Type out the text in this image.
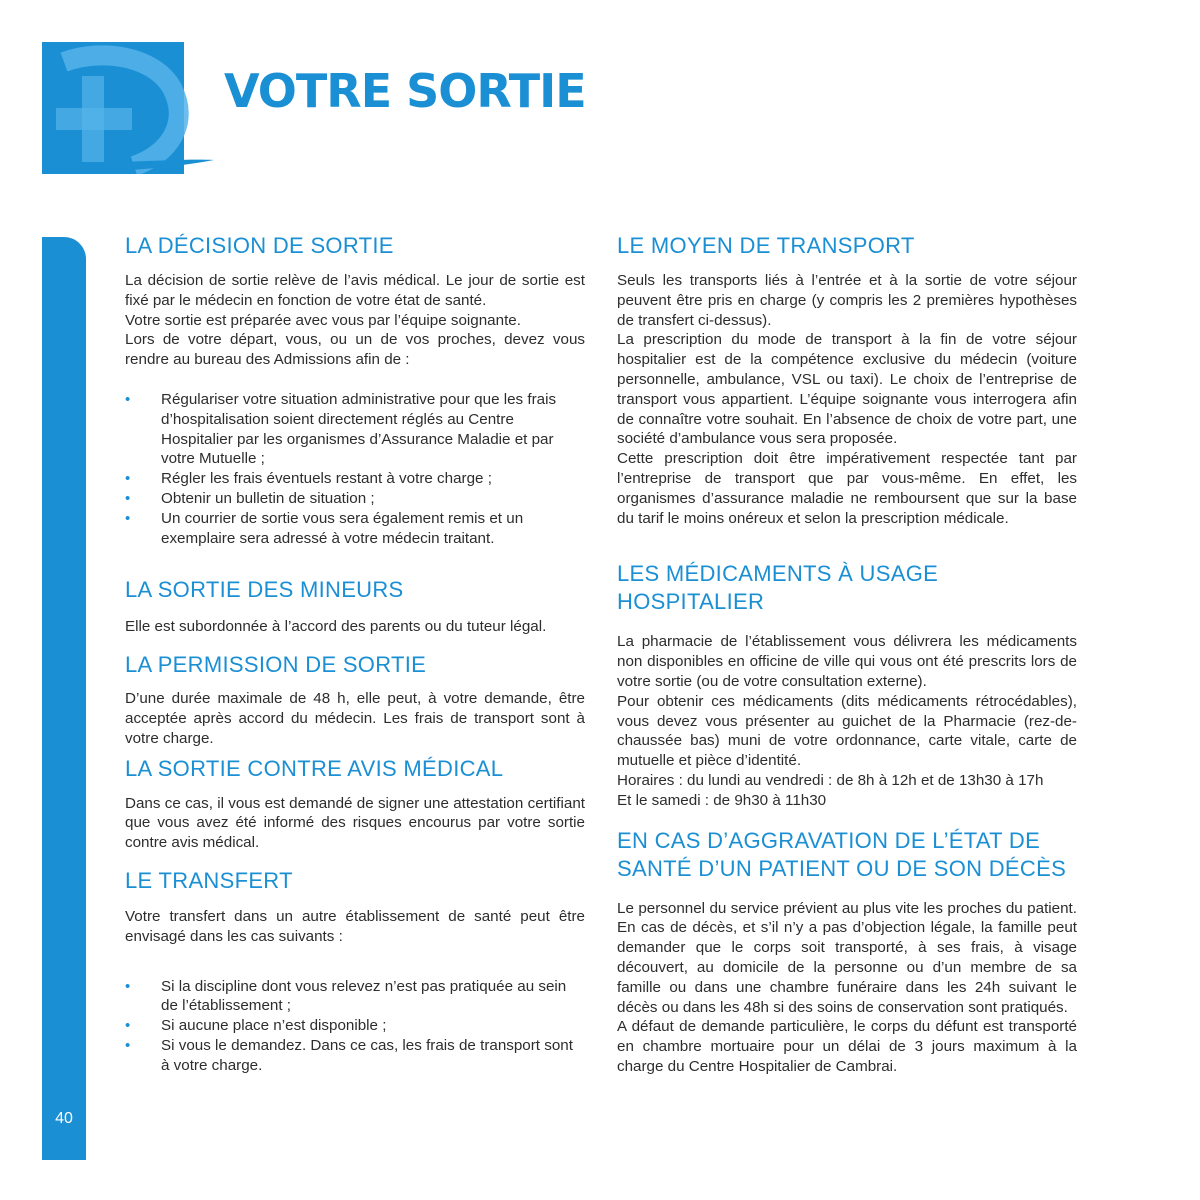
VOTRE SORTIE
40
LA DÉCISION DE SORTIE

La décision de sortie relève de l’avis médical. Le jour de sortie est fixé par le médecin en fonction de votre état de santé.

Votre sortie est préparée avec vous par l’équipe soignante.

Lors de votre départ, vous, ou un de vos proches, devez vous rendre au bureau des Admissions afin de :

• Régulariser votre situation administrative pour que les frais d’hospitalisation soient directement réglés au Centre Hospitalier par les organismes d’Assurance Maladie et par votre Mutuelle ;
• Régler les frais éventuels restant à votre charge ;
• Obtenir un bulletin de situation ;
• Un courrier de sortie vous sera également remis et un exemplaire sera adressé à votre médecin traitant.
LA SORTIE DES MINEURS

Elle est subordonnée à l’accord des parents ou du tuteur légal.

LA PERMISSION DE SORTIE

D’une durée maximale de 48 h, elle peut, à votre demande, être acceptée après accord du médecin. Les frais de transport sont à votre charge.

LA SORTIE CONTRE AVIS MÉDICAL

Dans ce cas, il vous est demandé de signer une attestation certifiant que vous avez été informé des risques encourus par votre sortie contre avis médical.

LE TRANSFERT

Votre transfert dans un autre établissement de santé peut être envisagé dans les cas suivants :

• Si la discipline dont vous relevez n’est pas pratiquée au sein de l’établissement ;
• Si aucune place n’est disponible ;
• Si vous le demandez. Dans ce cas, les frais de transport sont à votre charge.
LE MOYEN DE TRANSPORT

Seuls les transports liés à l’entrée et à la sortie de votre séjour peuvent être pris en charge (y compris les 2 premières hypothèses de transfert ci-dessus).

La prescription du mode de transport à la fin de votre séjour hospitalier est de la compétence exclusive du médecin (voiture personnelle, ambulance, VSL ou taxi). Le choix de l’entreprise de transport vous appartient. L’équipe soignante vous interrogera afin de connaître votre souhait. En l’absence de choix de votre part, une société d’ambulance vous sera proposée.

Cette prescription doit être impérativement respectée tant par l’entreprise de transport que par vous-même. En effet, les organismes d’assurance maladie ne remboursent que sur la base du tarif le moins onéreux et selon la prescription médicale.

LES MÉDICAMENTS À USAGE HOSPITALIER

La pharmacie de l’établissement vous délivrera les médicaments non disponibles en officine de ville qui vous ont été prescrits lors de votre sortie (ou de votre consultation externe).

Pour obtenir ces médicaments (dits médicaments rétrocédables), vous devez vous présenter au guichet de la Pharmacie (rez-de-chaussée bas) muni de votre ordonnance, carte vitale, carte de mutuelle et pièce d’identité.

Horaires : du lundi au vendredi : de 8h à 12h et de 13h30 à 17h

Et le samedi : de 9h30 à 11h30

EN CAS D’AGGRAVATION DE L’ÉTAT DE SANTÉ D’UN PATIENT OU DE SON DÉCÈS

Le personnel du service prévient au plus vite les proches du patient. En cas de décès, et s’il n’y a pas d’objection légale, la famille peut demander que le corps soit transporté, à ses frais, à visage découvert, au domicile de la personne ou d’un membre de sa famille ou dans une chambre funéraire dans les 24h suivant le décès ou dans les 48h si des soins de conservation sont pratiqués.

A défaut de demande particulière, le corps du défunt est transporté en chambre mortuaire pour un délai de 3 jours maximum à la charge du Centre Hospitalier de Cambrai.
